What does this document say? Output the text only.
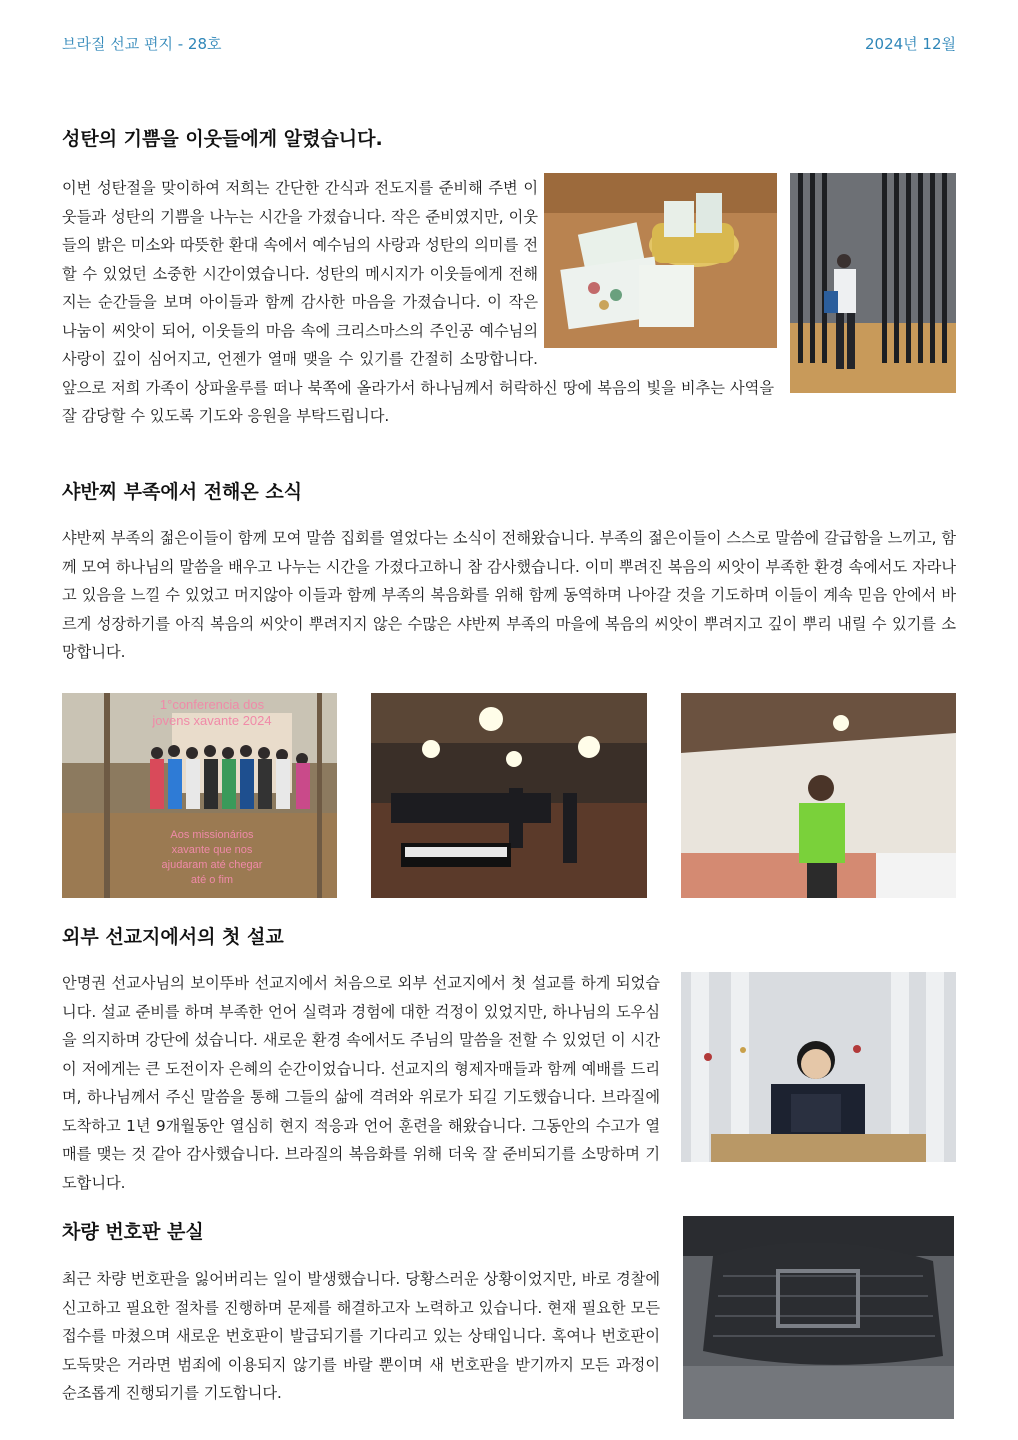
브라질 선교 편지 - 28호	2024년 12월
성탄의 기쁨을 이웃들에게 알렸습니다.
이번 성탄절을 맞이하여 저희는 간단한 간식과 전도지를 준비해 주변 이웃들과 성탄의 기쁨을 나누는 시간을 가졌습니다. 작은 준비였지만, 이웃들의 밝은 미소와 따뜻한 환대 속에서 예수님의 사랑과 성탄의 의미를 전할 수 있었던 소중한 시간이였습니다. 성탄의 메시지가 이웃들에게 전해지는 순간들을 보며 아이들과 함께 감사한 마음을 가졌습니다. 이 작은 나눔이 씨앗이 되어, 이웃들의 마음 속에 크리스마스의 주인공 예수님의 사랑이 깊이 심어지고, 언젠가 열매 맺을 수 있기를 간절히 소망합니다. 앞으로 저희 가족이 상파울루를 떠나 북쪽에 올라가서 하나님께서 허락하신 땅에 복음의 빛을 비추는 사역을 잘 감당할 수 있도록 기도와 응원을 부탁드립니다.
샤반찌 부족에서 전해온 소식
샤반찌 부족의 젊은이들이 함께 모여 말씀 집회를 열었다는 소식이 전해왔습니다. 부족의 젊은이들이 스스로 말씀에 갈급함을 느끼고, 함께 모여 하나님의 말씀을 배우고 나누는 시간을 가졌다고하니 참 감사했습니다. 이미 뿌려진 복음의 씨앗이 부족한 환경 속에서도 자라나고 있음을 느낄 수 있었고 머지않아 이들과 함께 부족의 복음화를 위해 함께 동역하며 나아갈 것을 기도하며 이들이 계속 믿음 안에서 바르게 성장하기를 아직 복음의 씨앗이 뿌려지지 않은 수많은 샤반찌 부족의 마을에 복음의 씨앗이 뿌려지고 깊이 뿌리 내릴 수 있기를 소망합니다.
1°conferencia dos
jovens xavante 2024
Aos missionários
xavante que nos
ajudaram até chegar
até o fim
외부 선교지에서의 첫 설교
안명권 선교사님의 보이뚜바 선교지에서 처음으로 외부 선교지에서 첫 설교를 하게 되었습니다. 설교 준비를 하며 부족한 언어 실력과 경험에 대한 걱정이 있었지만, 하나님의 도우심을 의지하며 강단에 섰습니다. 새로운 환경 속에서도 주님의 말씀을 전할 수 있었던 이 시간이 저에게는 큰 도전이자 은혜의 순간이었습니다. 선교지의 형제자매들과 함께 예배를 드리며, 하나님께서 주신 말씀을 통해 그들의 삶에 격려와 위로가 되길 기도했습니다. 브라질에 도착하고 1년 9개월동안 열심히 현지 적응과 언어 훈련을 해왔습니다. 그동안의 수고가 열매를 맺는 것 같아 감사했습니다. 브라질의 복음화를 위해 더욱 잘 준비되기를 소망하며 기도합니다.
차량 번호판 분실
최근 차량 번호판을 잃어버리는 일이 발생했습니다. 당황스러운 상황이었지만, 바로 경찰에 신고하고 필요한 절차를 진행하며 문제를 해결하고자 노력하고 있습니다. 현재 필요한 모든 접수를 마쳤으며 새로운 번호판이 발급되기를 기다리고 있는 상태입니다. 혹여나 번호판이 도둑맞은 거라면 범죄에 이용되지 않기를 바랄 뿐이며 새 번호판을 받기까지 모든 과정이 순조롭게 진행되기를 기도합니다.
